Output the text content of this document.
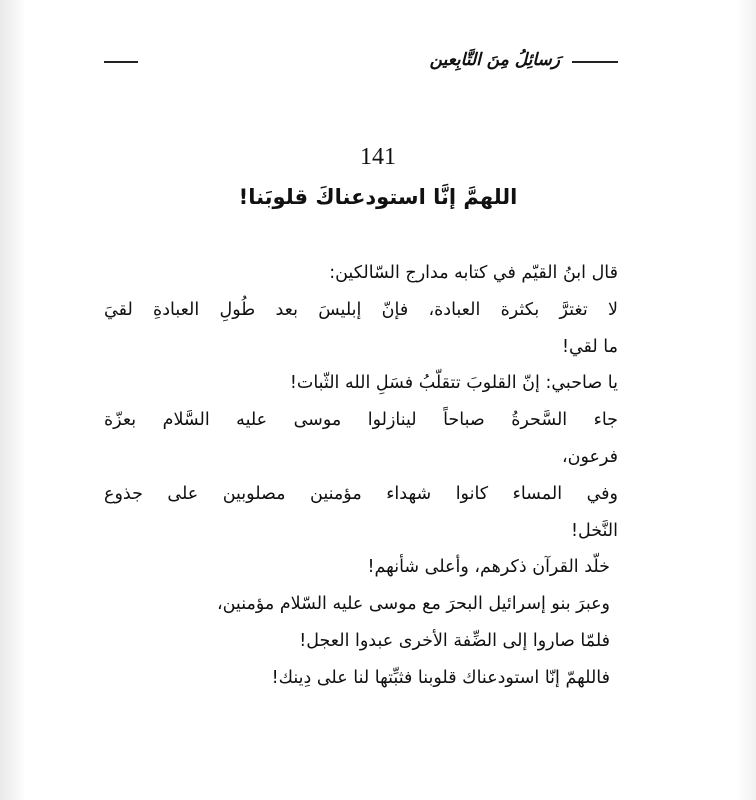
رَسائِلُ مِنَ التَّابِعين
141
اللهمَّ إنَّا استودعناكَ قلوبَنا!
قال ابنُ القيّم في كتابه مدارج السّالكين:
لا تغترَّ بكثرة العبادة، فإنّ إبليسَ بعد طُولِ العبادةِ لقيَ
ما لقي!
يا صاحبي: إنّ القلوبَ تتقلّبُ فسَلِ الله الثّبات!
جاء السَّحرةُ صباحاً لينازلوا موسى عليه السَّلام بعزّة
فرعون،
وفي المساء كانوا شهداء مؤمنين مصلوبين على جذوع
النَّخل!
خلّد القرآن ذكرهم، وأعلى شأنهم!
وعبرَ بنو إسرائيل البحرَ مع موسى عليه السّلام مؤمنين،
فلمّا صاروا إلى الضِّفة الأخرى عبدوا العجل!
فاللهمّ إنّا استودعناك قلوبنا فثبِّتها لنا على دِينك!
